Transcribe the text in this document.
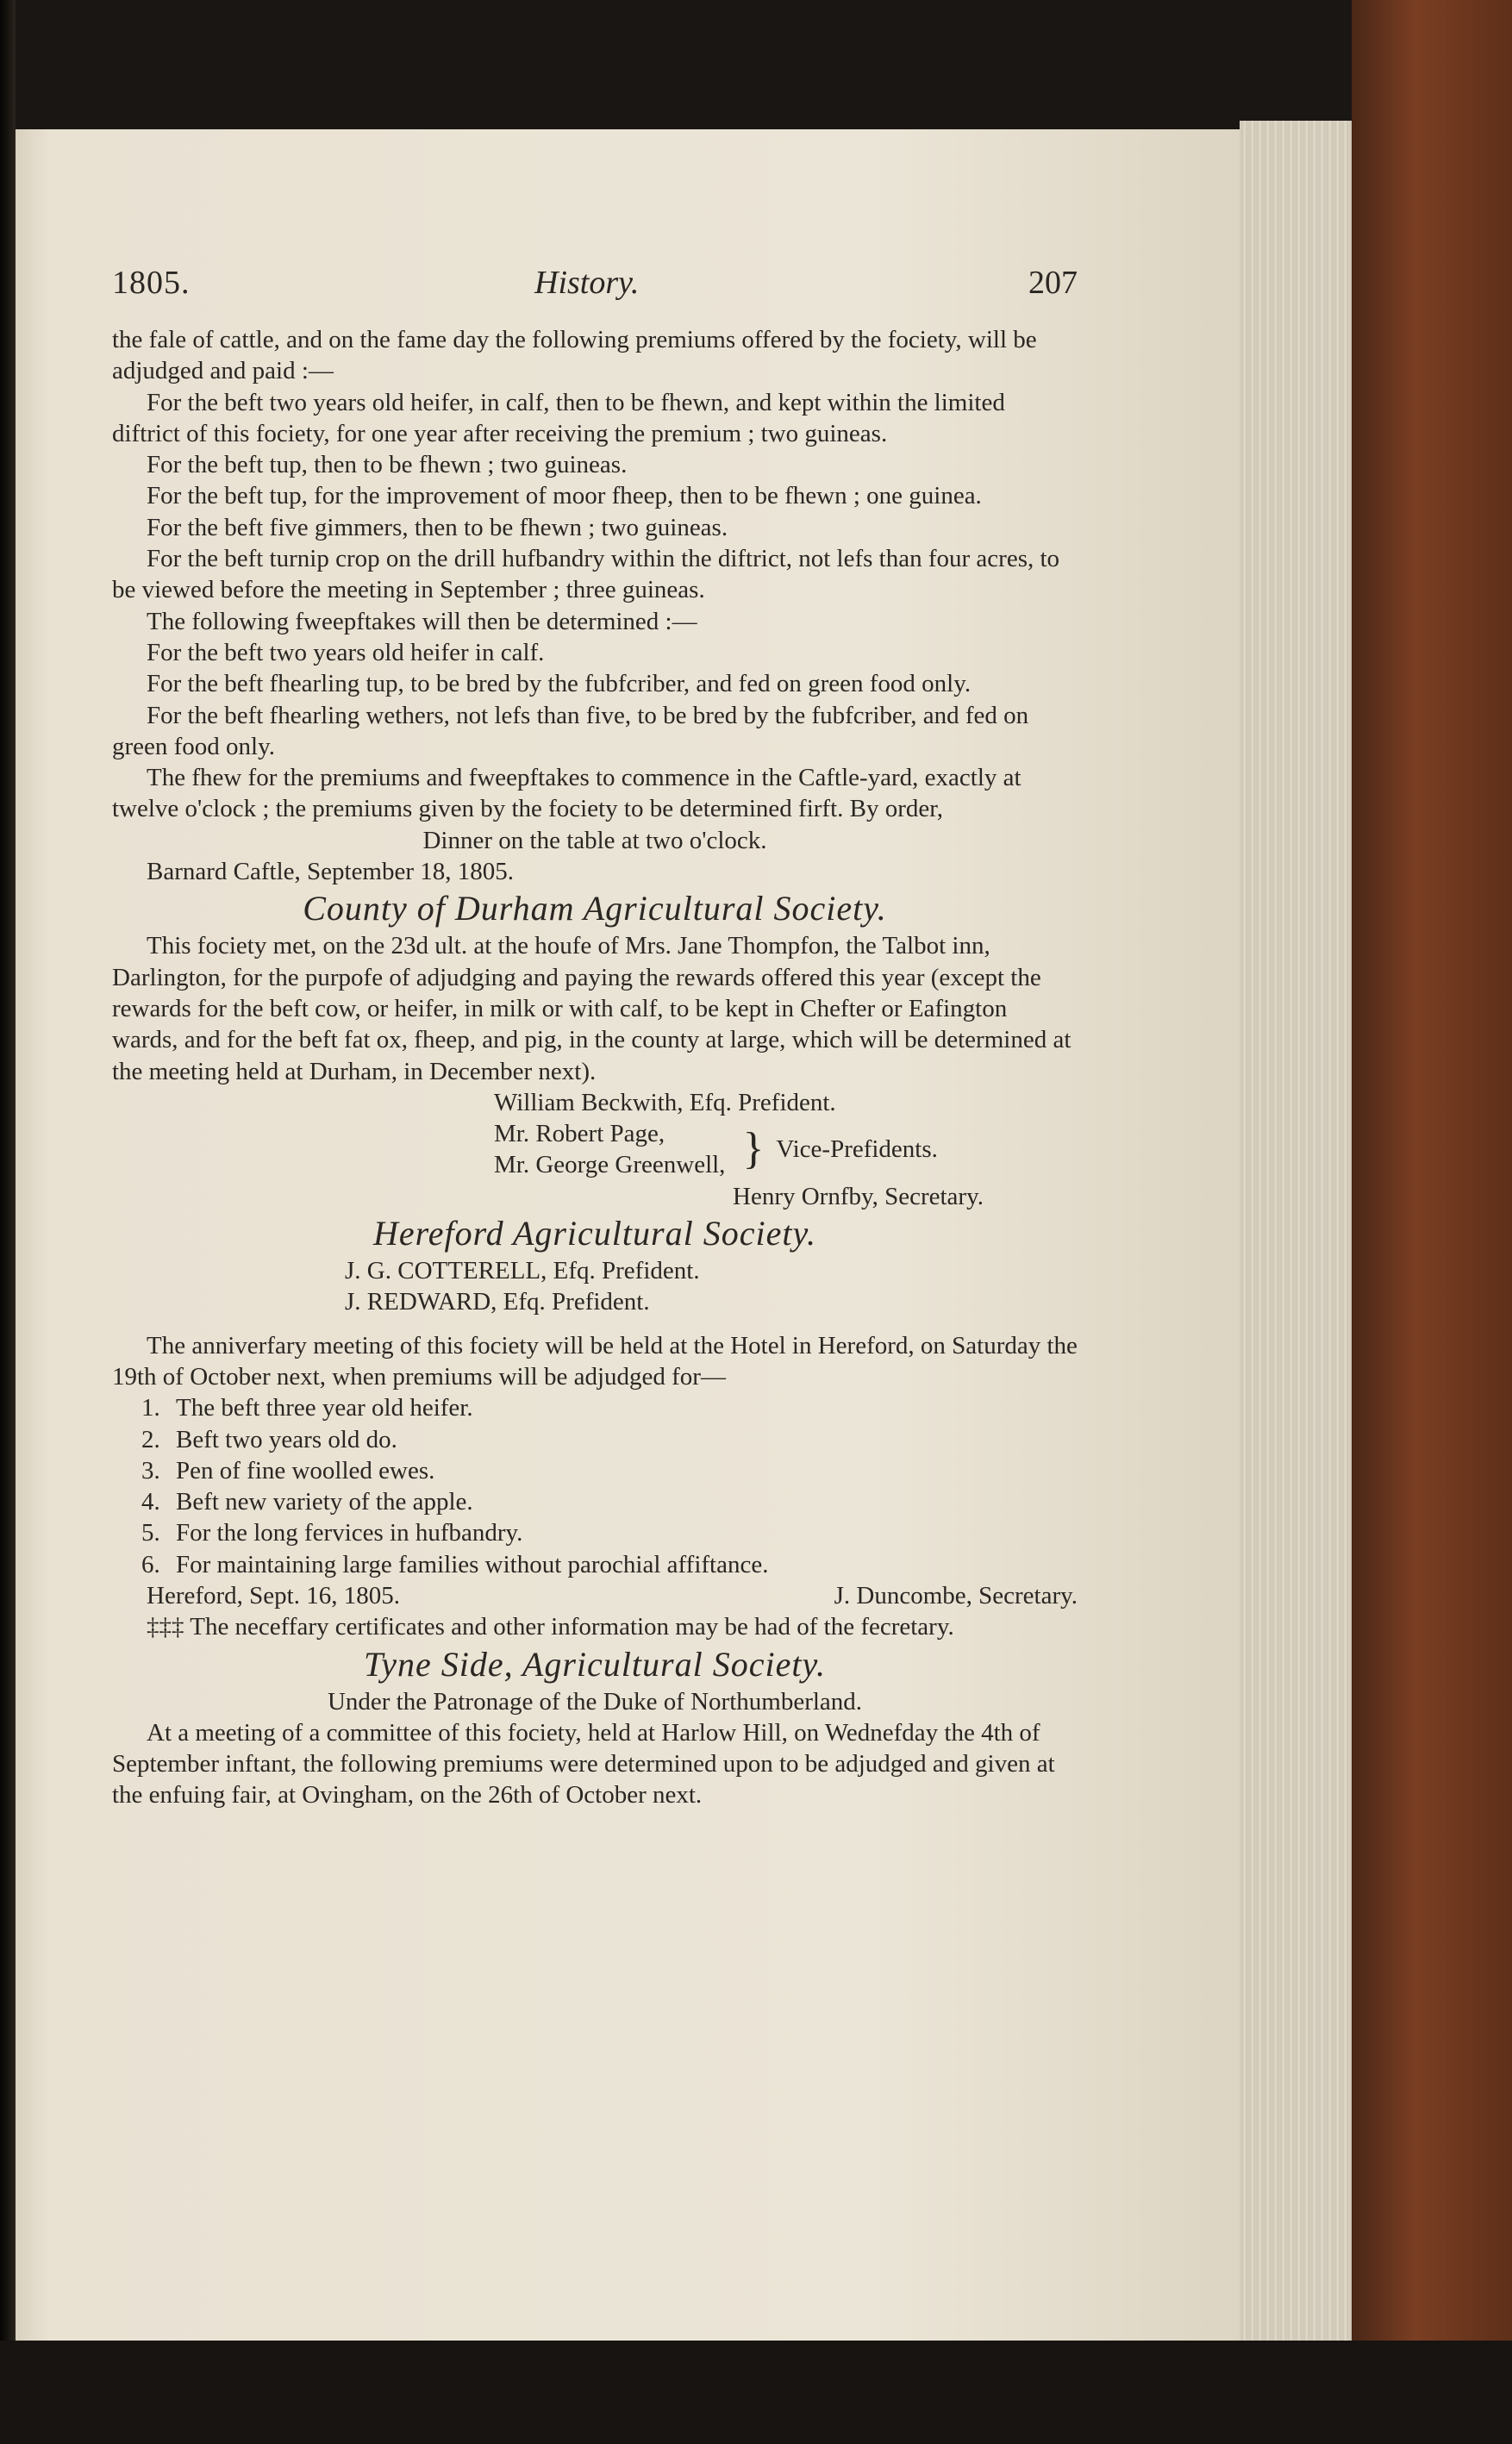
1805.	History.	207

the fale of cattle, and on the fame day the following premiums offered by the fociety, will be adjudged and paid :—

For the beft two years old heifer, in calf, then to be fhewn, and kept within the limited diftrict of this fociety, for one year after receiving the premium ; two guineas.

For the beft tup, then to be fhewn ; two guineas.

For the beft tup, for the improvement of moor fheep, then to be fhewn ; one guinea.

For the beft five gimmers, then to be fhewn ; two guineas.

For the beft turnip crop on the drill hufbandry within the diftrict, not lefs than four acres, to be viewed before the meeting in September ; three guineas.

The following fweepftakes will then be determined :—

For the beft two years old heifer in calf.

For the beft fhearling tup, to be bred by the fubfcriber, and fed on green food only.

For the beft fhearling wethers, not lefs than five, to be bred by the fubfcriber, and fed on green food only.

The fhew for the premiums and fweepftakes to commence in the Caftle-yard, exactly at twelve o'clock ; the premiums given by the fociety to be determined firft. By order,

Dinner on the table at two o'clock.

Barnard Caftle, September 18, 1805.

County of Durham Agricultural Society.

This fociety met, on the 23d ult. at the houfe of Mrs. Jane Thompfon, the Talbot inn, Darlington, for the purpofe of adjudging and paying the rewards offered this year (except the rewards for the beft cow, or heifer, in milk or with calf, to be kept in Chefter or Eafington wards, and for the beft fat ox, fheep, and pig, in the county at large, which will be determined at the meeting held at Durham, in December next).

William Beckwith, Efq. Prefident.

Mr. Robert Page,
Mr. George Greenwell, } Vice-Prefidents.

Henry Ornfby, Secretary.

Hereford Agricultural Society.

J. G. COTTERELL, Efq. Prefident.

J. REDWARD, Efq. Prefident.

The anniverfary meeting of this fociety will be held at the Hotel in Hereford, on Saturday the 19th of October next, when premiums will be adjudged for—

1. The beft three year old heifer.
2. Beft two years old do.
3. Pen of fine woolled ewes.
4. Beft new variety of the apple.
5. For the long fervices in hufbandry.
6. For maintaining large families without parochial affiftance.
Hereford, Sept. 16, 1805.	J. Duncombe, Secretary.

‡‡‡ The neceffary certificates and other information may be had of the fecretary.

Tyne Side, Agricultural Society.

Under the Patronage of the Duke of Northumberland.

At a meeting of a committee of this fociety, held at Harlow Hill, on Wednefday the 4th of September inftant, the following premiums were determined upon to be adjudged and given at the enfuing fair, at Ovingham, on the 26th of October next.
